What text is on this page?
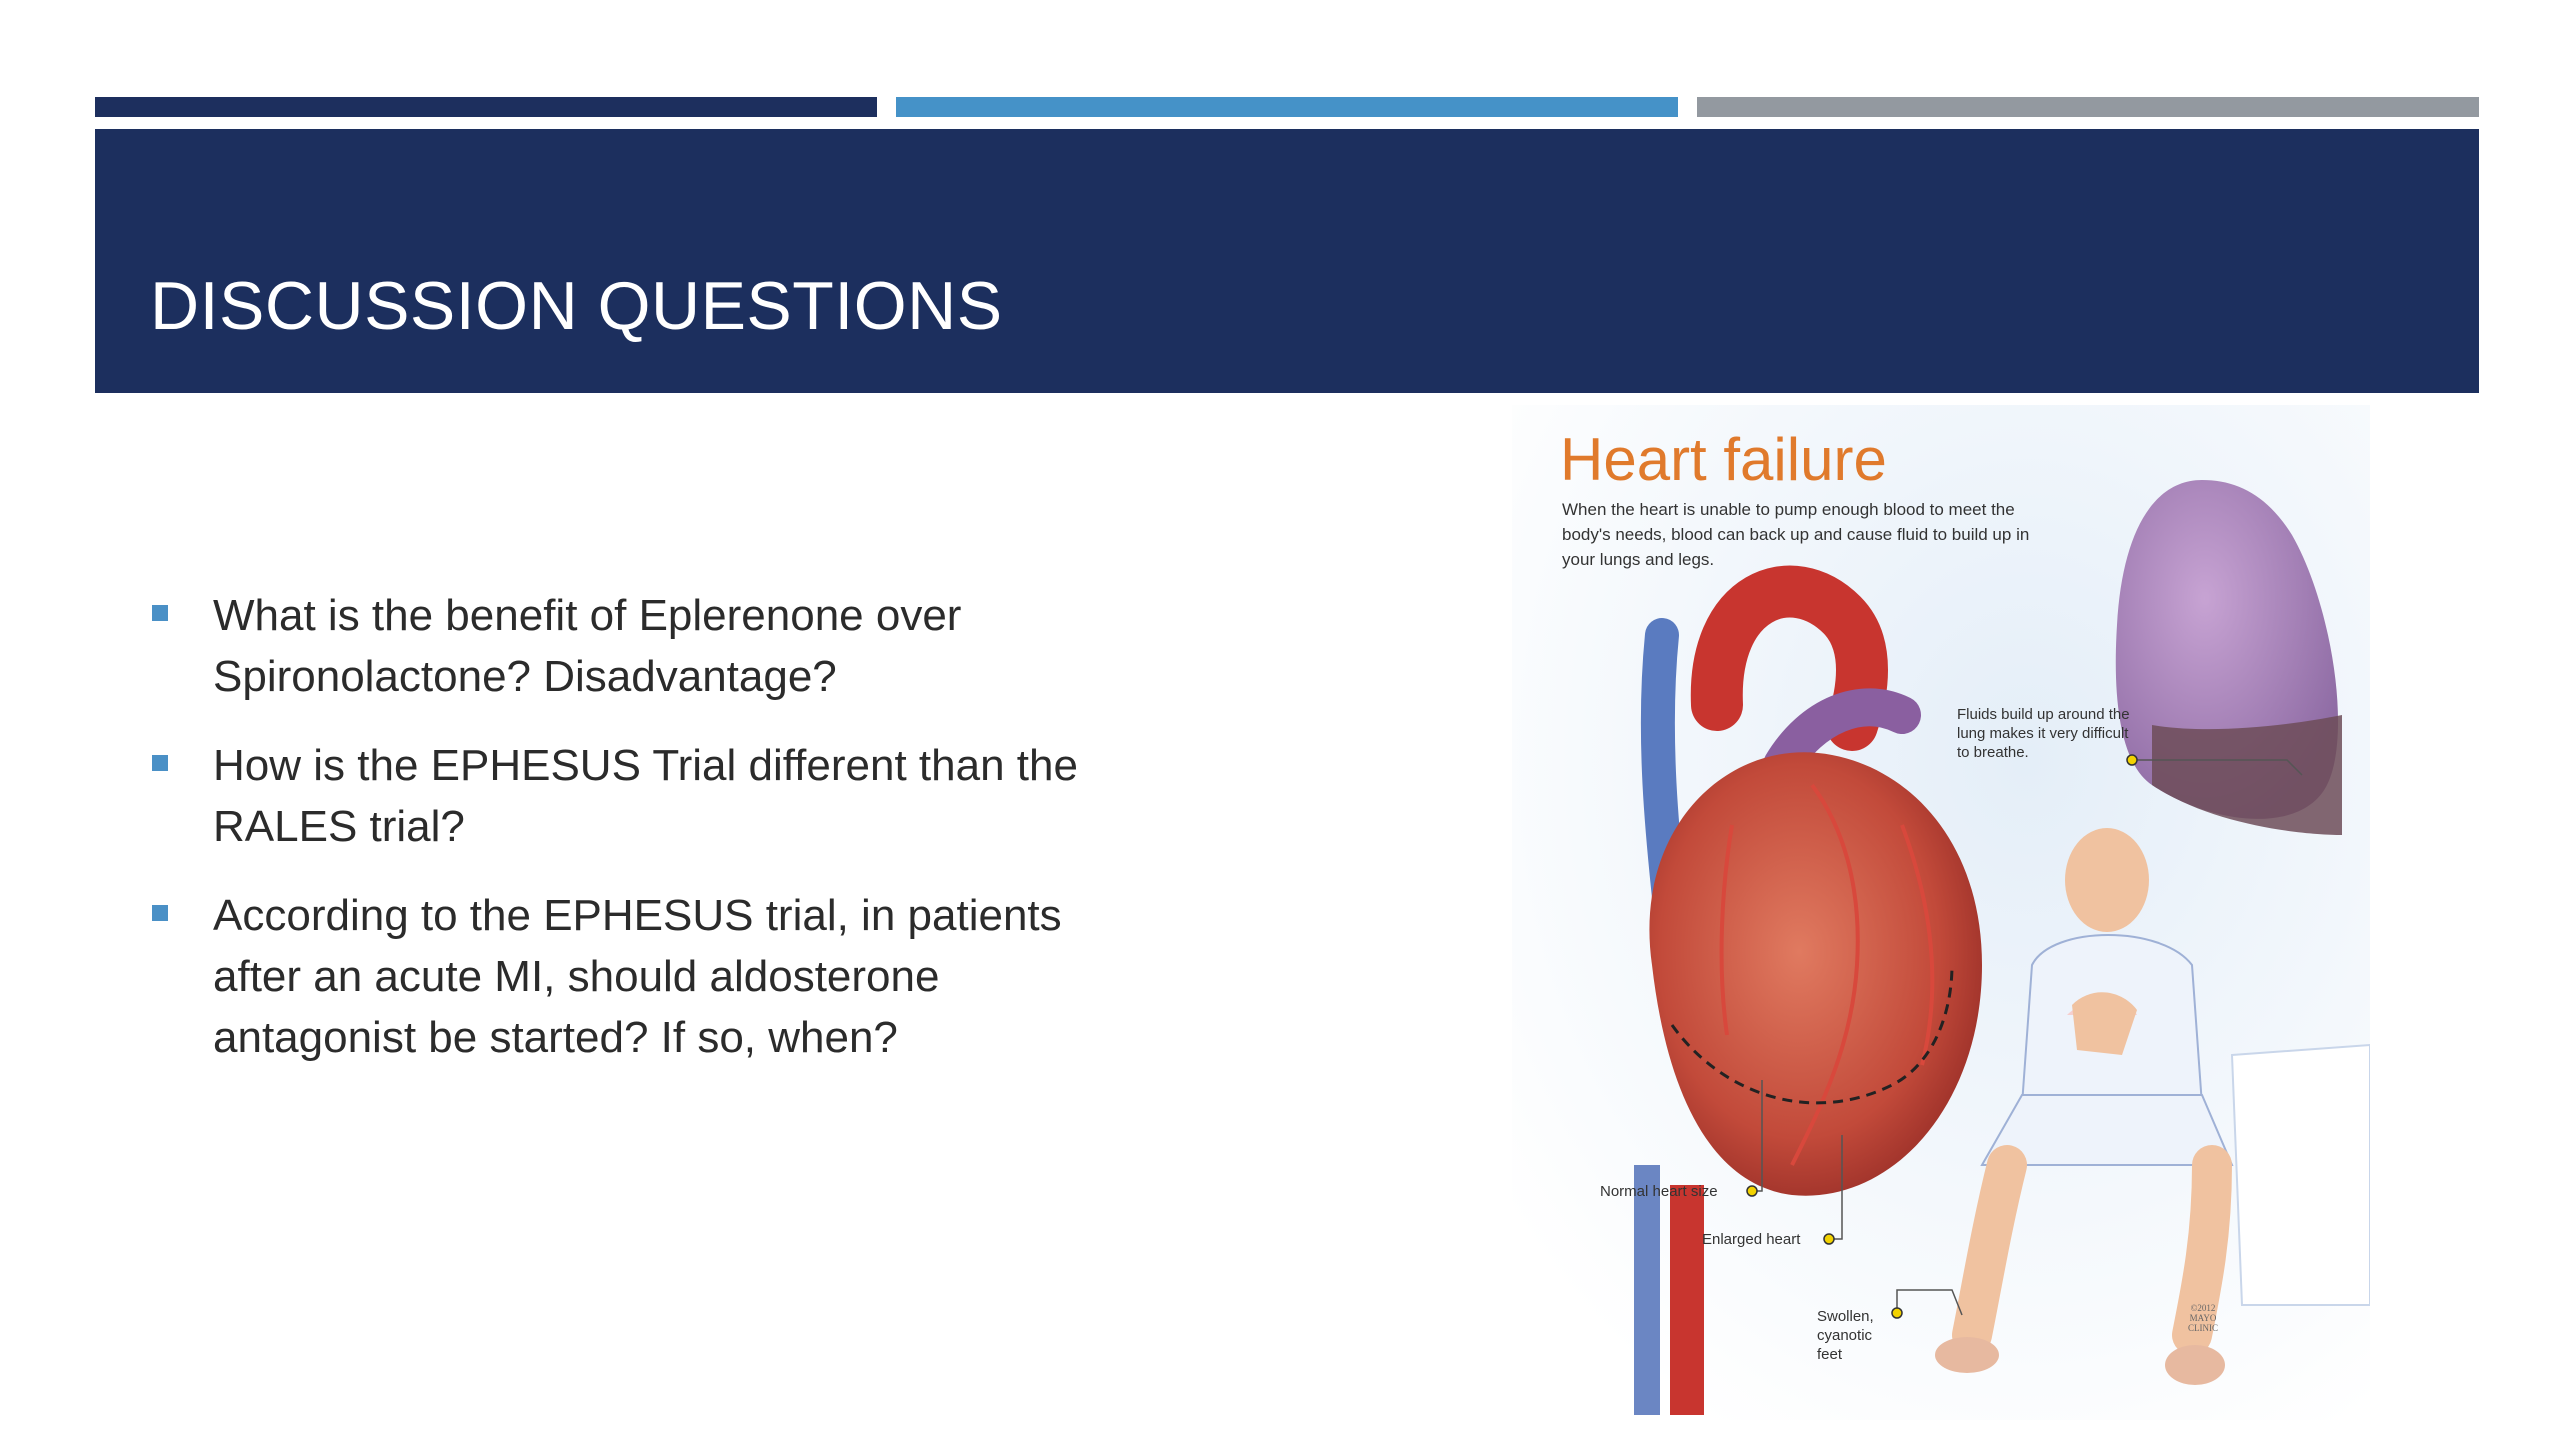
DISCUSSION QUESTIONS
What is the benefit of Eplerenone over Spironolactone? Disadvantage?
How is the EPHESUS Trial different than the RALES trial?
According to the EPHESUS trial, in patients after an acute MI, should aldosterone antagonist be started? If so, when?
Heart failure
When the heart is unable to pump enough blood to meet the body's needs, blood can back up and cause fluid to build up in your lungs and legs.
Fluids build up around the lung makes it very difficult to breathe.
Normal heart size
Enlarged heart
Swollen, cyanotic feet
©2012 MAYO CLINIC
